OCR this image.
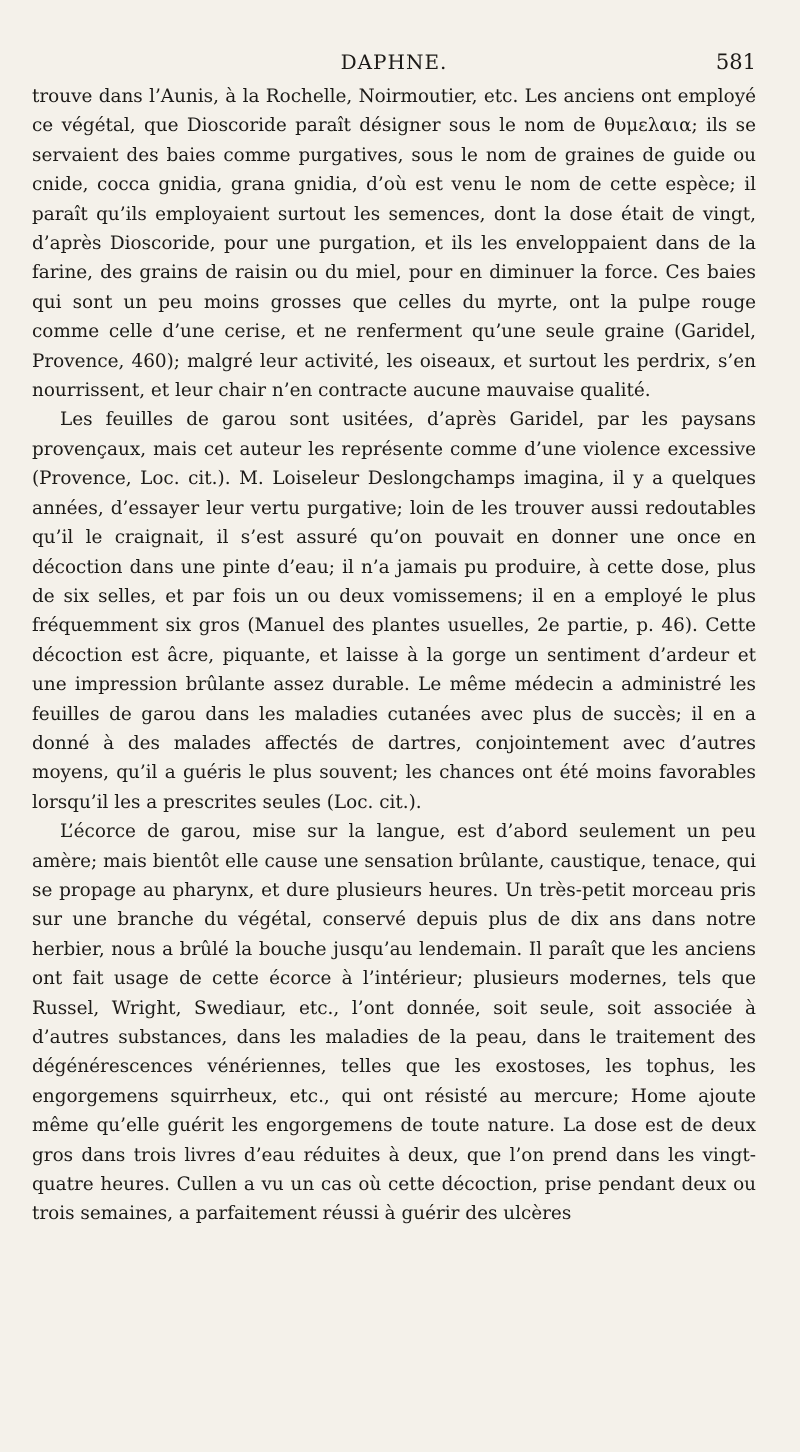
DAPHNE.	581

trouve dans l’Aunis, à la Rochelle, Noirmoutier, etc. Les anciens ont employé ce végétal, que Dioscoride paraît désigner sous le nom de θυμελαια; ils se servaient des baies comme purgatives, sous le nom de graines de guide ou cnide, cocca gnidia, grana gnidia, d’où est venu le nom de cette espèce; il paraît qu’ils employaient surtout les semences, dont la dose était de vingt, d’après Dioscoride, pour une purgation, et ils les enveloppaient dans de la farine, des grains de raisin ou du miel, pour en diminuer la force. Ces baies qui sont un peu moins grosses que celles du myrte, ont la pulpe rouge comme celle d’une cerise, et ne renferment qu’une seule graine (Garidel, Provence, 460); malgré leur activité, les oiseaux, et surtout les perdrix, s’en nourrissent, et leur chair n’en contracte aucune mauvaise qualité.

Les feuilles de garou sont usitées, d’après Garidel, par les paysans provençaux, mais cet auteur les représente comme d’une violence excessive (Provence, Loc. cit.). M. Loiseleur Deslongchamps imagina, il y a quelques années, d’essayer leur vertu purgative; loin de les trouver aussi redoutables qu’il le craignait, il s’est assuré qu’on pouvait en donner une once en décoction dans une pinte d’eau; il n’a jamais pu produire, à cette dose, plus de six selles, et par fois un ou deux vomissemens; il en a employé le plus fréquemment six gros (Manuel des plantes usuelles, 2e partie, p. 46). Cette décoction est âcre, piquante, et laisse à la gorge un sentiment d’ardeur et une impression brûlante assez durable. Le même médecin a administré les feuilles de garou dans les maladies cutanées avec plus de succès; il en a donné à des malades affectés de dartres, conjointement avec d’autres moyens, qu’il a guéris le plus souvent; les chances ont été moins favorables lorsqu’il les a prescrites seules (Loc. cit.).

L’écorce de garou, mise sur la langue, est d’abord seulement un peu amère; mais bientôt elle cause une sensation brûlante, caustique, tenace, qui se propage au pharynx, et dure plusieurs heures. Un très-petit morceau pris sur une branche du végétal, conservé depuis plus de dix ans dans notre herbier, nous a brûlé la bouche jusqu’au lendemain. Il paraît que les anciens ont fait usage de cette écorce à l’intérieur; plusieurs modernes, tels que Russel, Wright, Swediaur, etc., l’ont donnée, soit seule, soit associée à d’autres substances, dans les maladies de la peau, dans le traitement des dégénérescences vénériennes, telles que les exostoses, les tophus, les engorgemens squirrheux, etc., qui ont résisté au mercure; Home ajoute même qu’elle guérit les engorgemens de toute nature. La dose est de deux gros dans trois livres d’eau réduites à deux, que l’on prend dans les vingt-quatre heures. Cullen a vu un cas où cette décoction, prise pendant deux ou trois semaines, a parfaitement réussi à guérir des ulcères
